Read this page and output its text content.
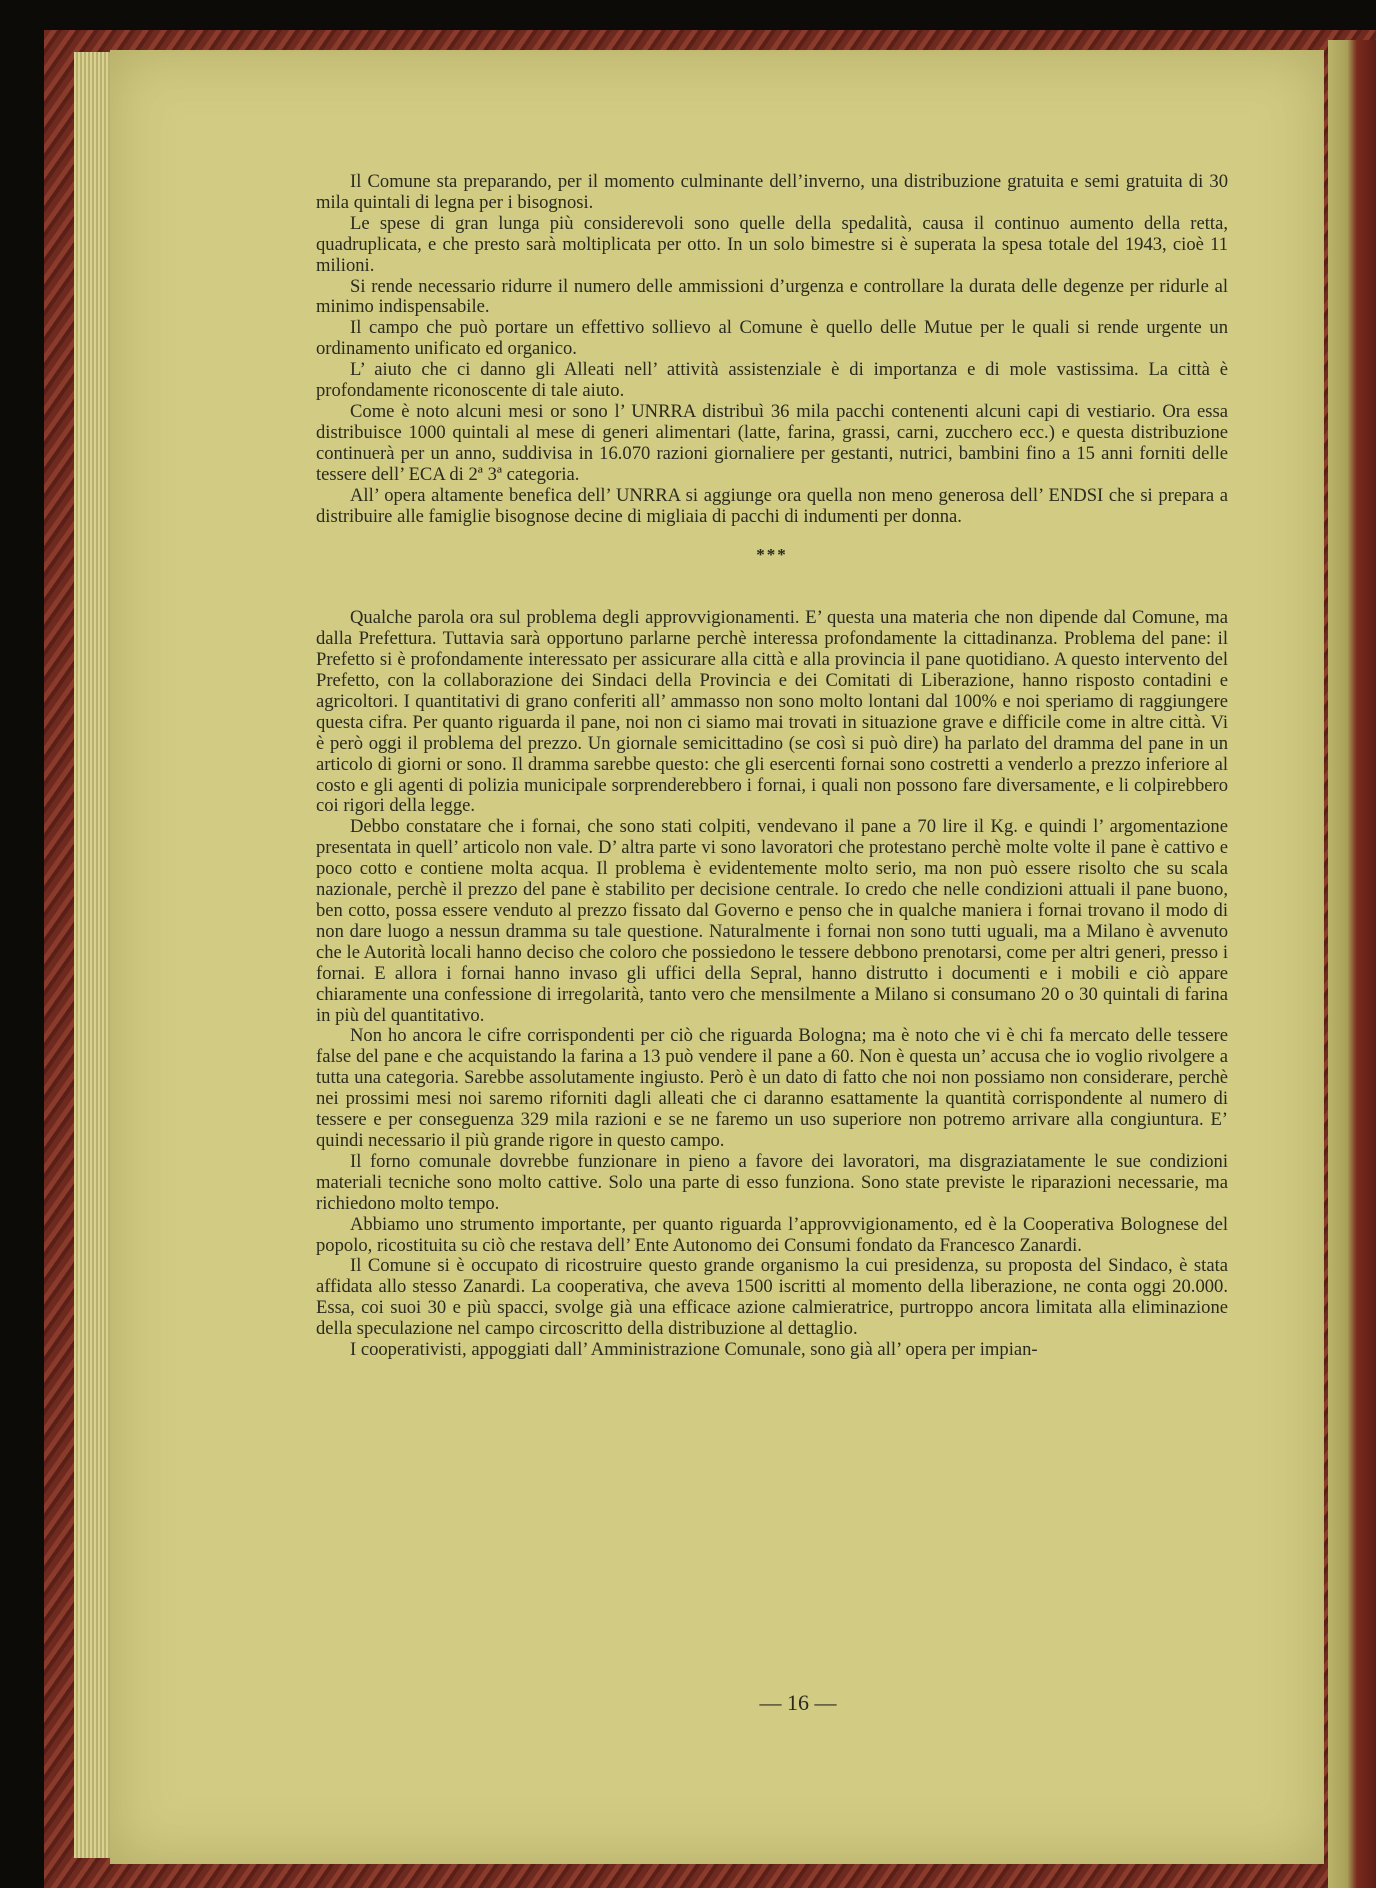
Il Comune sta preparando, per il momento culminante dell’inverno, una distribuzione gratuita e semi gratuita di 30 mila quintali di legna per i bisognosi.

Le spese di gran lunga più considerevoli sono quelle della spedalità, causa il continuo aumento della retta, quadruplicata, e che presto sarà moltiplicata per otto. In un solo bimestre si è superata la spesa totale del 1943, cioè 11 milioni.

Si rende necessario ridurre il numero delle ammissioni d’urgenza e controllare la durata delle degenze per ridurle al minimo indispensabile.

Il campo che può portare un effettivo sollievo al Comune è quello delle Mutue per le quali si rende urgente un ordinamento unificato ed organico.

L’ aiuto che ci danno gli Alleati nell’ attività assistenziale è di importanza e di mole vastissima. La città è profondamente riconoscente di tale aiuto.

Come è noto alcuni mesi or sono l’ UNRRA distribuì 36 mila pacchi contenenti alcuni capi di vestiario. Ora essa distribuisce 1000 quintali al mese di generi alimentari (latte, farina, grassi, carni, zucchero ecc.) e questa distribuzione continuerà per un anno, suddivisa in 16.070 razioni giornaliere per gestanti, nutrici, bambini fino a 15 anni forniti delle tessere dell’ ECA di 2ª 3ª categoria.

All’ opera altamente benefica dell’ UNRRA si aggiunge ora quella non meno generosa dell’ ENDSI che si prepara a distribuire alle famiglie bisognose decine di migliaia di pacchi di indumenti per donna.

***

Qualche parola ora sul problema degli approvvigionamenti. E’ questa una materia che non dipende dal Comune, ma dalla Prefettura. Tuttavia sarà opportuno parlarne perchè interessa profondamente la cittadinanza. Problema del pane: il Prefetto si è profondamente interessato per assicurare alla città e alla provincia il pane quotidiano. A questo intervento del Prefetto, con la collaborazione dei Sindaci della Provincia e dei Comitati di Liberazione, hanno risposto contadini e agricoltori. I quantitativi di grano conferiti all’ ammasso non sono molto lontani dal 100% e noi speriamo di raggiungere questa cifra. Per quanto riguarda il pane, noi non ci siamo mai trovati in situazione grave e difficile come in altre città. Vi è però oggi il problema del prezzo. Un giornale semicittadino (se così si può dire) ha parlato del dramma del pane in un articolo di giorni or sono. Il dramma sarebbe questo: che gli esercenti fornai sono costretti a venderlo a prezzo inferiore al costo e gli agenti di polizia municipale sorprenderebbero i fornai, i quali non possono fare diversamente, e li colpirebbero coi rigori della legge.

Debbo constatare che i fornai, che sono stati colpiti, vendevano il pane a 70 lire il Kg. e quindi l’ argomentazione presentata in quell’ articolo non vale. D’ altra parte vi sono lavoratori che protestano perchè molte volte il pane è cattivo e poco cotto e contiene molta acqua. Il problema è evidentemente molto serio, ma non può essere risolto che su scala nazionale, perchè il prezzo del pane è stabilito per decisione centrale. Io credo che nelle condizioni attuali il pane buono, ben cotto, possa essere venduto al prezzo fissato dal Governo e penso che in qualche maniera i fornai trovano il modo di non dare luogo a nessun dramma su tale questione. Naturalmente i fornai non sono tutti uguali, ma a Milano è avvenuto che le Autorità locali hanno deciso che coloro che possiedono le tessere debbono prenotarsi, come per altri generi, presso i fornai. E allora i fornai hanno invaso gli uffici della Sepral, hanno distrutto i documenti e i mobili e ciò appare chiaramente una confessione di irregolarità, tanto vero che mensilmente a Milano si consumano 20 o 30 quintali di farina in più del quantitativo.

Non ho ancora le cifre corrispondenti per ciò che riguarda Bologna; ma è noto che vi è chi fa mercato delle tessere false del pane e che acquistando la farina a 13 può vendere il pane a 60. Non è questa un’ accusa che io voglio rivolgere a tutta una categoria. Sarebbe assolutamente ingiusto. Però è un dato di fatto che noi non possiamo non considerare, perchè nei prossimi mesi noi saremo riforniti dagli alleati che ci daranno esattamente la quantità corrispondente al numero di tessere e per conseguenza 329 mila razioni e se ne faremo un uso superiore non potremo arrivare alla congiuntura. E’ quindi necessario il più grande rigore in questo campo.

Il forno comunale dovrebbe funzionare in pieno a favore dei lavoratori, ma disgraziatamente le sue condizioni materiali tecniche sono molto cattive. Solo una parte di esso funziona. Sono state previste le riparazioni necessarie, ma richiedono molto tempo.

Abbiamo uno strumento importante, per quanto riguarda l’approvvigionamento, ed è la Cooperativa Bolognese del popolo, ricostituita su ciò che restava dell’ Ente Autonomo dei Consumi fondato da Francesco Zanardi.

Il Comune si è occupato di ricostruire questo grande organismo la cui presidenza, su proposta del Sindaco, è stata affidata allo stesso Zanardi. La cooperativa, che aveva 1500 iscritti al momento della liberazione, ne conta oggi 20.000. Essa, coi suoi 30 e più spacci, svolge già una efficace azione calmieratrice, purtroppo ancora limitata alla eliminazione della speculazione nel campo circoscritto della distribuzione al dettaglio.

I cooperativisti, appoggiati dall’ Amministrazione Comunale, sono già all’ opera per impian-

— 16 —
